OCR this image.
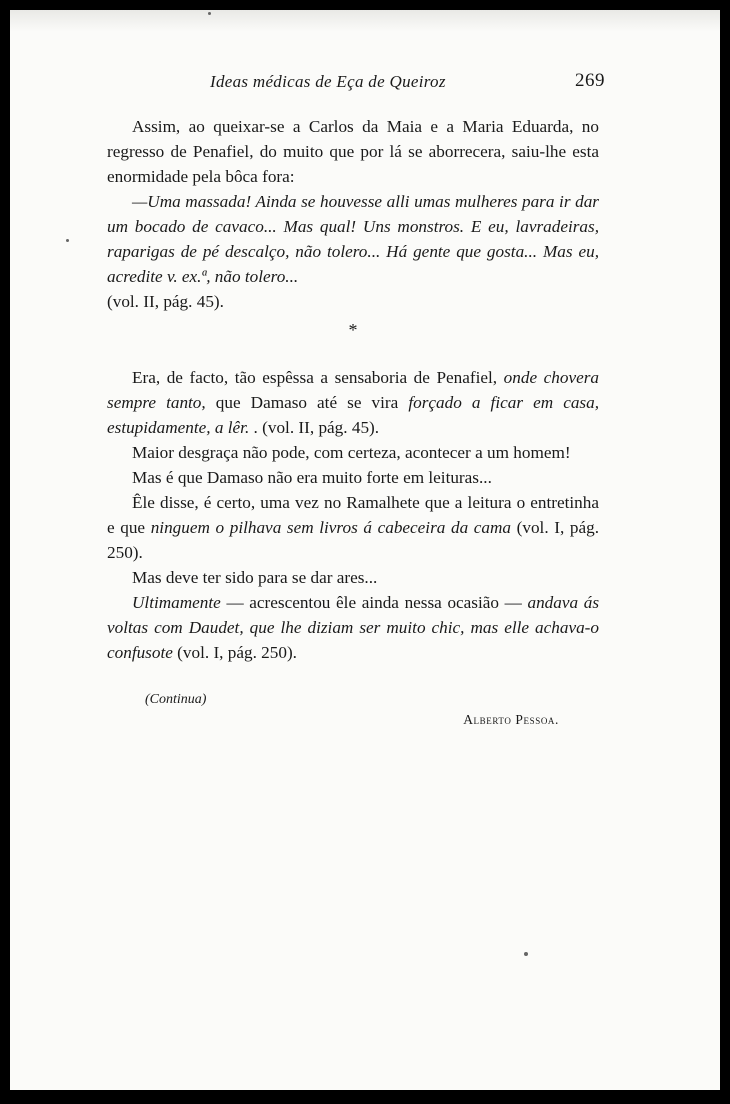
Ideas médicas de Eça de Queiroz	269

Assim, ao queixar-se a Carlos da Maia e a Maria Eduarda, no regresso de Penafiel, do muito que por lá se aborrecera, saiu-lhe esta enormidade pela bôca fora:

—Uma massada! Ainda se houvesse alli umas mulheres para ir dar um bocado de cavaco... Mas qual! Uns monstros. E eu, lavradeiras, raparigas de pé descalço, não tolero... Há gente que gosta... Mas eu, acredite v. ex.ª, não tolero...
(vol. II, pág. 45).

*

Era, de facto, tão espêssa a sensaboria de Penafiel, onde chovera sempre tanto, que Damaso até se vira forçado a ficar em casa, estupidamente, a lêr. . (vol. II, pág. 45).

Maior desgraça não pode, com certeza, acontecer a um homem!

Mas é que Damaso não era muito forte em leituras...

Êle disse, é certo, uma vez no Ramalhete que a leitura o entretinha e que ninguem o pilhava sem livros á cabeceira da cama (vol. I, pág. 250).

Mas deve ter sido para se dar ares...

Ultimamente — acrescentou êle ainda nessa ocasião — andava ás voltas com Daudet, que lhe diziam ser muito chic, mas elle achava-o confusote (vol. I, pág. 250).

(Continua)
Alberto Pessoa.
